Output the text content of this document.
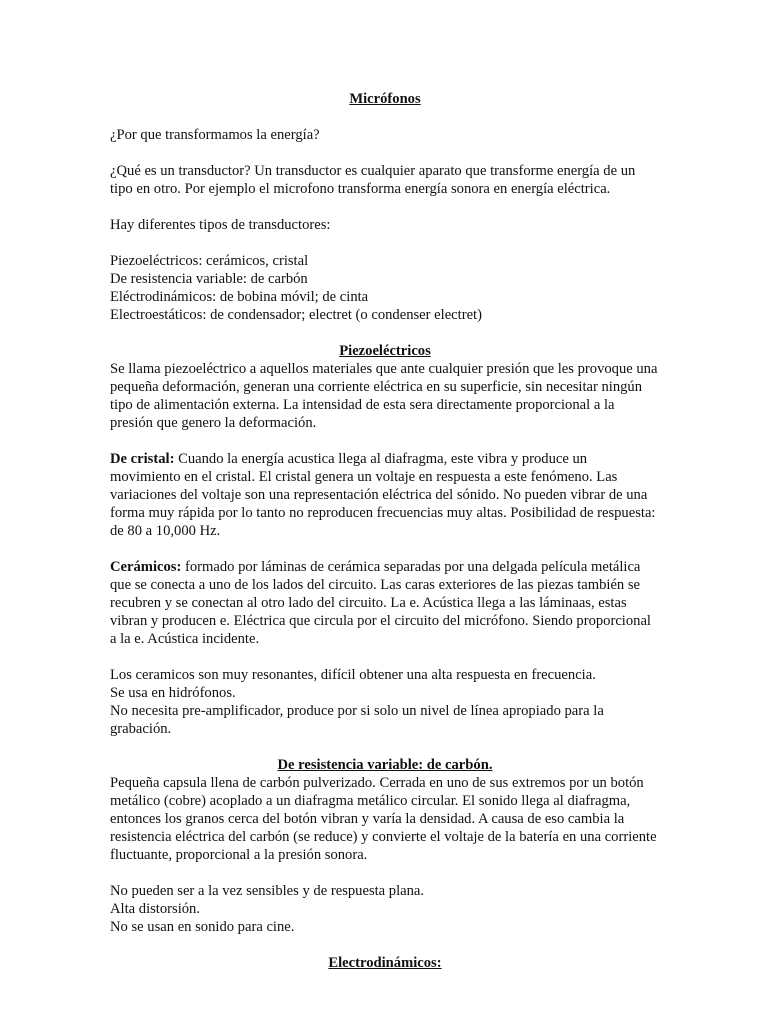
Micrófonos

¿Por que transformamos la energía?

¿Qué es un transductor? Un transductor es cualquier aparato que transforme energía de un tipo en otro. Por ejemplo el microfono transforma energía sonora en energía eléctrica.

Hay diferentes tipos de transductores:

Piezoeléctricos: cerámicos, cristal

De resistencia variable: de carbón

Eléctrodinámicos: de bobina móvil; de cinta

Electroestáticos: de condensador; electret (o condenser electret)

Piezoeléctricos

Se llama piezoeléctrico a aquellos materiales que ante cualquier presión que les provoque una pequeña deformación, generan una corriente eléctrica en su superficie, sin necesitar ningún tipo de alimentación externa. La intensidad de esta sera directamente proporcional a la presión que genero la deformación.

De cristal: Cuando la energía acustica llega al diafragma, este vibra y produce un movimiento en el cristal. El cristal genera un voltaje en respuesta a este fenómeno. Las variaciones del voltaje son una representación eléctrica del sónido. No pueden vibrar de una forma muy rápida por lo tanto no reproducen frecuencias muy altas. Posibilidad de respuesta: de 80 a 10,000 Hz.

Cerámicos: formado por láminas de cerámica separadas por una delgada película metálica que se conecta a uno de los lados del circuito. Las caras exteriores de las piezas también se recubren y se conectan al otro lado del circuito. La e. Acústica llega a las láminaas, estas vibran y producen e. Eléctrica que circula por el circuito del micrófono. Siendo proporcional a la e. Acústica incidente.

Los ceramicos son muy resonantes, difícil obtener una alta respuesta en frecuencia.

Se usa en hidrófonos.

No necesita pre-amplificador, produce por si solo un nivel de línea apropiado para la grabación.

De resistencia variable: de carbón.

Pequeña capsula llena de carbón pulverizado. Cerrada en uno de sus extremos por un botón metálico (cobre) acoplado a un diafragma metálico circular. El sonido llega al diafragma, entonces los granos cerca del botón vibran y varía la densidad. A causa de eso cambia la resistencia eléctrica del carbón (se reduce) y convierte el voltaje de la batería en una corriente fluctuante, proporcional a la presión sonora.

No pueden ser a la vez sensibles y de respuesta plana.

Alta distorsión.

No se usan en sonido para cine.

Electrodinámicos:
